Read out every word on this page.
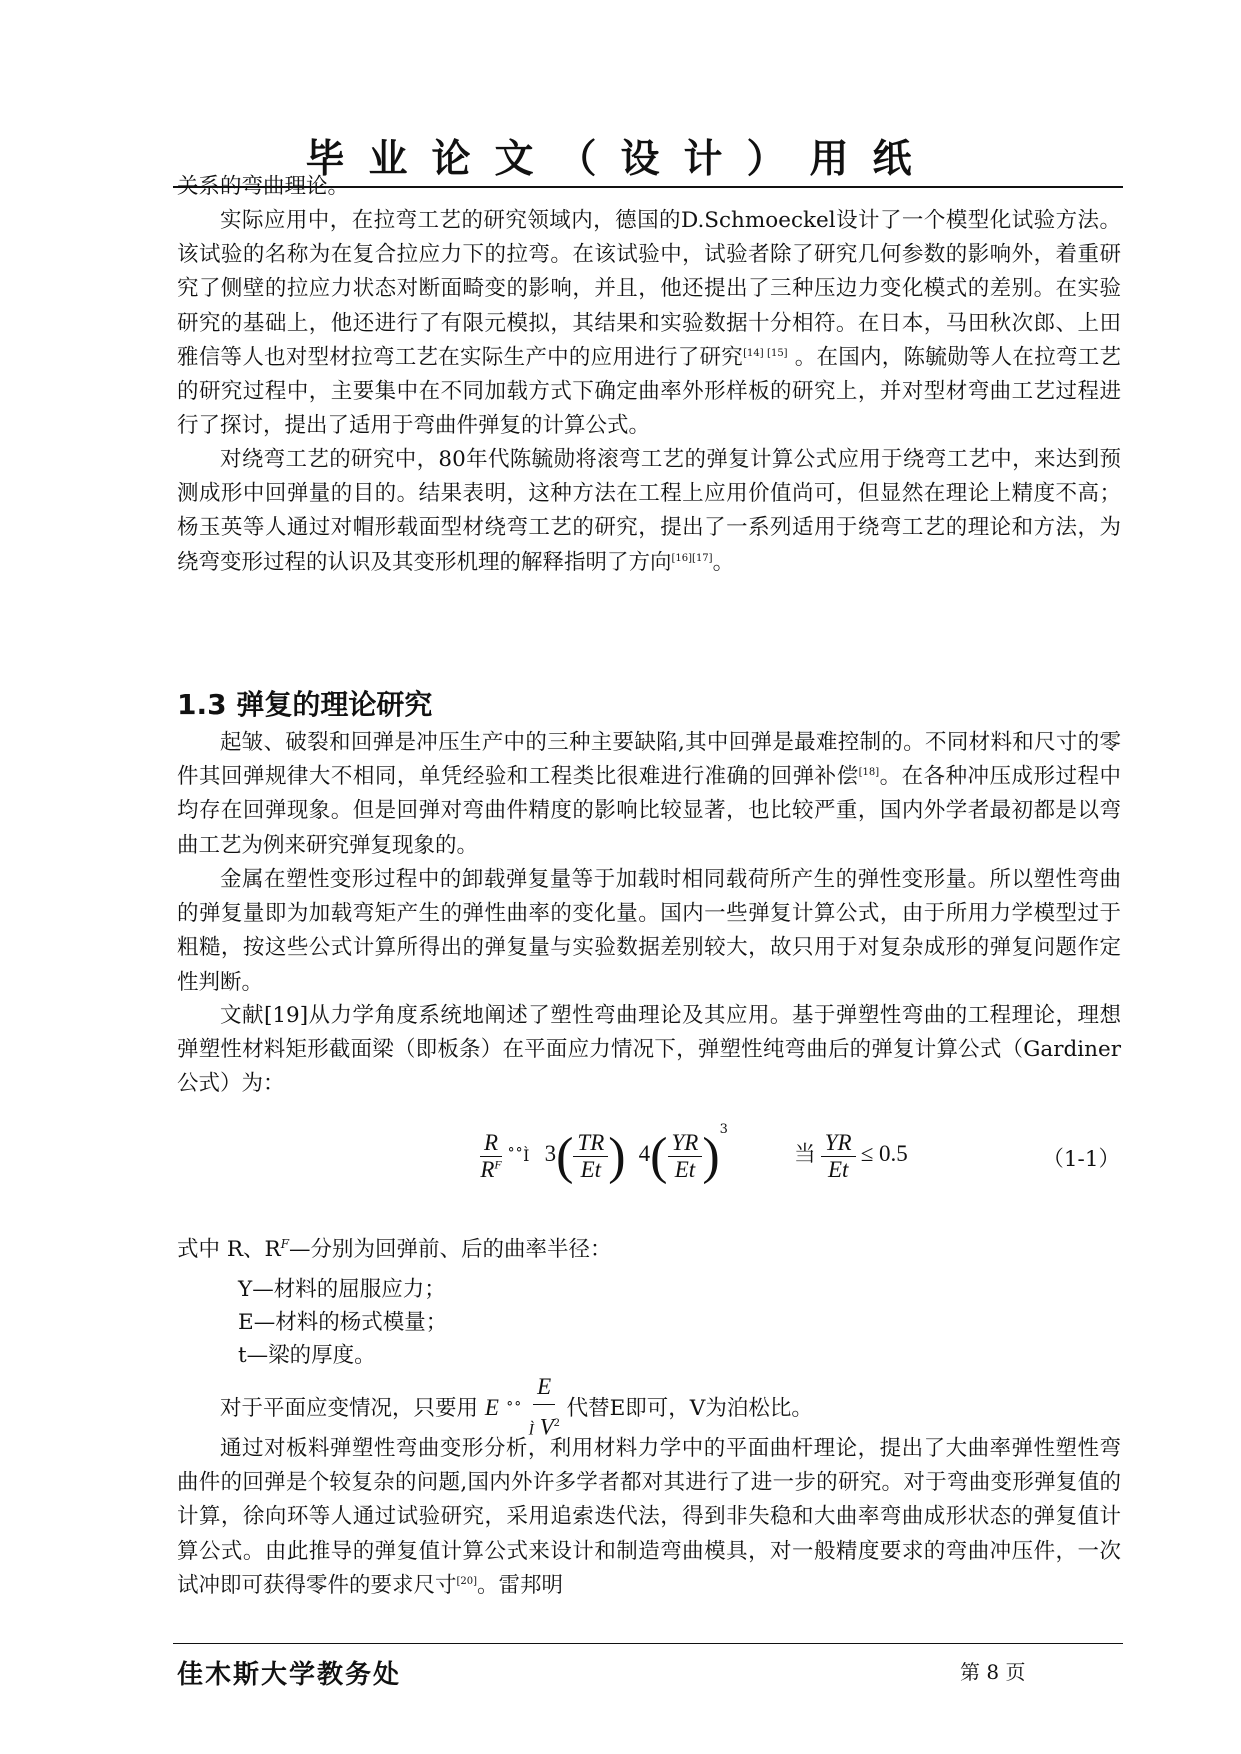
毕业论文（设计）用纸

关系的弯曲理论。

实际应用中，在拉弯工艺的研究领域内，德国的D.Schmoeckel设计了一个模型化试验方法。该试验的名称为在复合拉应力下的拉弯。在该试验中，试验者除了研究几何参数的影响外，着重研究了侧壁的拉应力状态对断面畸变的影响，并且，他还提出了三种压边力变化模式的差别。在实验研究的基础上，他还进行了有限元模拟，其结果和实验数据十分相符。在日本，马田秋次郎、上田雅信等人也对型材拉弯工艺在实际生产中的应用进行了研究[14] [15] 。在国内，陈毓勋等人在拉弯工艺的研究过程中，主要集中在不同加载方式下确定曲率外形样板的研究上，并对型材弯曲工艺过程进行了探讨，提出了适用于弯曲件弹复的计算公式。

对绕弯工艺的研究中，80年代陈毓勋将滚弯工艺的弹复计算公式应用于绕弯工艺中，来达到预测成形中回弹量的目的。结果表明，这种方法在工程上应用价值尚可，但显然在理论上精度不高；杨玉英等人通过对帽形载面型材绕弯工艺的研究，提出了一系列适用于绕弯工艺的理论和方法，为绕弯变形过程的认识及其变形机理的解释指明了方向[16][17]。

1.3 弹复的理论研究

起皱、破裂和回弹是冲压生产中的三种主要缺陷,其中回弹是最难控制的。不同材料和尺寸的零件其回弹规律大不相同，单凭经验和工程类比很难进行准确的回弹补偿[18]。在各种冲压成形过程中均存在回弹现象。但是回弹对弯曲件精度的影响比较显著，也比较严重，国内外学者最初都是以弯曲工艺为例来研究弹复现象的。

金属在塑性变形过程中的卸载弹复量等于加载时相同载荷所产生的弹性变形量。所以塑性弯曲的弹复量即为加载弯矩产生的弹性曲率的变化量。国内一些弹复计算公式，由于所用力学模型过于粗糙，按这些公式计算所得出的弹复量与实验数据差别较大，故只用于对复杂成形的弹复问题作定性判断。

文献[19]从力学角度系统地阐述了塑性弯曲理论及其应用。基于弹塑性弯曲的工程理论，理想弹塑性材料矩形截面梁（即板条）在平面应力情况下，弹塑性纯弯曲后的弹复计算公式（Gardiner公式）为：

$\frac{R}{R^F}$ ˚˚Ì $3( \frac{TR}{Et}$ ) $4( \frac{YR}{Et} )^3$  当 $\frac{YR}{Et} \le 0.5$	（1-1）

式中 R、$R^F—$分别为回弹前、后的曲率半径：

Y—材料的屈服应力；

E—材料的杨式模量；

t—梁的厚度。

对于平面应变情况，只要用 E ˚˚ $\frac{E}{Ì V^2}$ 代替E即可，V为泊松比。

通过对板料弹塑性弯曲变形分析，利用材料力学中的平面曲杆理论，提出了大曲率弹性塑性弯曲件的回弹是个较复杂的问题,国内外许多学者都对其进行了进一步的研究。对于弯曲变形弹复值的计算，徐向环等人通过试验研究，采用追索迭代法，得到非失稳和大曲率弯曲成形状态的弹复值计算公式。由此推导的弹复值计算公式来设计和制造弯曲模具，对一般精度要求的弯曲冲压件，一次试冲即可获得零件的要求尺寸[20]。雷邦明

佳木斯大学教务处	第 8 页
